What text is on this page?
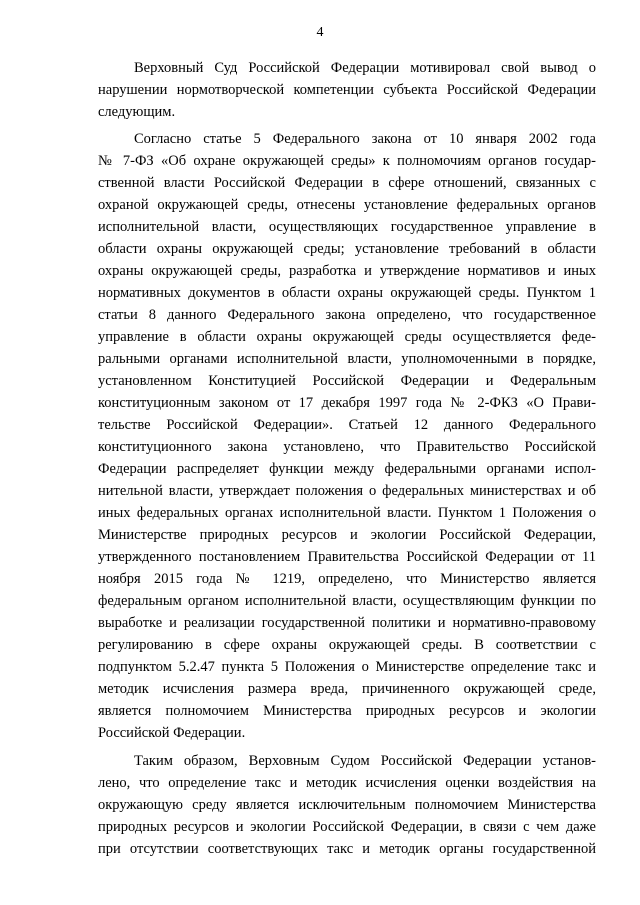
4
Верховный Суд Российской Федерации мотивировал свой вывод о
нарушении нормотворческой компетенции субъекта Российской Федерации
следующим.
Согласно статье 5 Федерального закона от 10 января 2002 года
№ 7-ФЗ «Об охране окружающей среды» к полномочиям органов государ-
ственной власти Российской Федерации в сфере отношений, связанных с
охраной окружающей среды, отнесены установление федеральных органов
исполнительной власти, осуществляющих государственное управление в
области охраны окружающей среды; установление требований в области
охраны окружающей среды, разработка и утверждение нормативов и иных
нормативных документов в области охраны окружающей среды. Пунктом 1
статьи 8 данного Федерального закона определено, что государственное
управление в области охраны окружающей среды осуществляется феде-
ральными органами исполнительной власти, уполномоченными в порядке,
установленном Конституцией Российской Федерации и Федеральным
конституционным законом от 17 декабря 1997 года № 2-ФКЗ «О Прави-
тельстве Российской Федерации». Статьей 12 данного Федерального
конституционного закона установлено, что Правительство Российской
Федерации распределяет функции между федеральными органами испол-
нительной власти, утверждает положения о федеральных министерствах и об
иных федеральных органах исполнительной власти. Пунктом 1 Положения о
Министерстве природных ресурсов и экологии Российской Федерации,
утвержденного постановлением Правительства Российской Федерации от 11
ноября 2015 года № 1219, определено, что Министерство является
федеральным органом исполнительной власти, осуществляющим функции по
выработке и реализации государственной политики и нормативно-правовому
регулированию в сфере охраны окружающей среды. В соответствии с
подпунктом 5.2.47 пункта 5 Положения о Министерстве определение такс и
методик исчисления размера вреда, причиненного окружающей среде,
является полномочием Министерства природных ресурсов и экологии
Российской Федерации.
Таким образом, Верховным Судом Российской Федерации установ-
лено, что определение такс и методик исчисления оценки воздействия на
окружающую среду является исключительным полномочием Министерства
природных ресурсов и экологии Российской Федерации, в связи с чем даже
при отсутствии соответствующих такс и методик органы государственной
